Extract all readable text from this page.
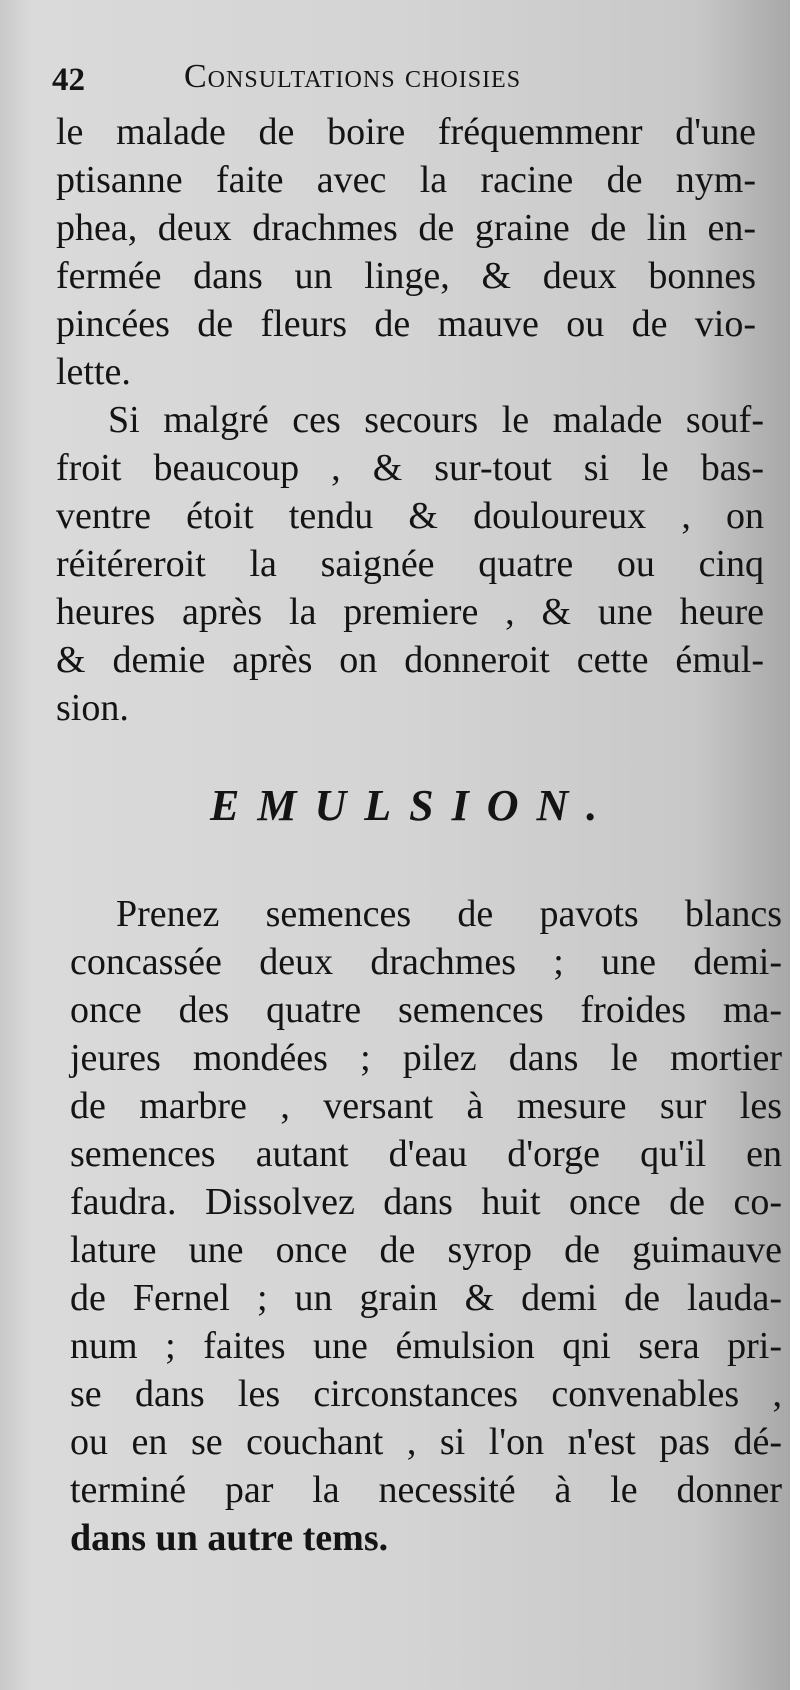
42	Consultations choisies
le malade de boire fréquemmenr d'une
ptisanne faite avec la racine de nym-
phea, deux drachmes de graine de lin en-
fermée dans un linge, & deux bonnes
pincées de fleurs de mauve ou de vio-
lette.
Si malgré ces secours le malade souf-
froit beaucoup , & sur-tout si le bas-
ventre étoit tendu & douloureux , on
réitéreroit la saignée quatre ou cinq
heures après la premiere , & une heure
& demie après on donneroit cette émul-
sion.
EMULSION.
Prenez semences de pavots blancs
concassée deux drachmes ; une demi-
once des quatre semences froides ma-
jeures mondées ; pilez dans le mortier
de marbre , versant à mesure sur les
semences autant d'eau d'orge qu'il en
faudra. Dissolvez dans huit once de co-
lature une once de syrop de guimauve
de Fernel ; un grain & demi de lauda-
num ; faites une émulsion qni sera pri-
se dans les circonstances convenables ,
ou en se couchant , si l'on n'est pas dé-
terminé par la necessité à le donner
dans un autre tems.
